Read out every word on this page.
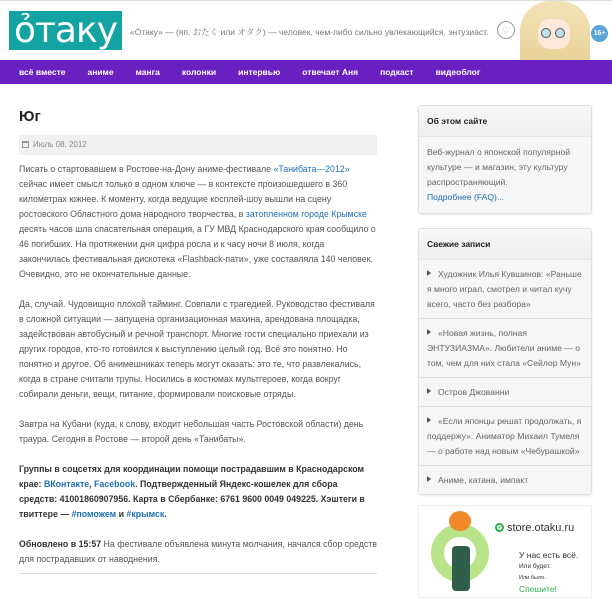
ỏтаку	«Óтаку» — (яп. おたく или オタク) — человек, чем-либо сильно увлекающийся, энтузиаст.	♡	16+
всё вместе	аниме	манга	колонки	интервью	отвечает Аня	подкаст	видеоблог
Юг
Июль 08, 2012

Писать о стартовавшем в Ростове-на-Дону аниме-фестивале «Танибата—2012» сейчас имеет смысл только в одном ключе — в контексте произошедшего в 360 километрах южнее. К моменту, когда ведущие косплей-шоу вышли на сцену ростовского Областного дома народного творчества, в затопленном городе Крымске десять часов шла спасательная операция, а ГУ МВД Краснодарского края сообщило о 46 погибших. На протяжении дня цифра росла и к часу ночи 8 июля, когда закончилась фестивальная дискотека «Flashback-пати», уже составляла 140 человек. Очевидно, это не окончательные данные.

Да, случай. Чудовищно плохой тайминг. Совпали с трагедией. Руководство фестиваля в сложной ситуации — запущена организационная махина, арендована площадка, задействован автобусный и речной транспорт. Многие гости специально приехали из других городов, кто-то готовился к выступлению целый год. Всё это понятно. Но понятно и другое. Об анимешниках теперь могут сказать: это те, что развлекались, когда в стране считали трупы. Носились в костюмах мультгероев, когда вокруг собирали деньги, вещи, питание, формировали поисковые отряды.

Завтра на Кубани (куда, к слову, входит небольшая часть Ростовской области) день траура. Сегодня в Ростове — второй день «Танибаты».

Группы в соцсетях для координации помощи пострадавшим в Краснодарском крае: ВКонтакте, Facebook. Подтвержденный Яндекс-кошелек для сбора средств: 41001860907956. Карта в Сбербанке: 6761 9600 0049 049225. Хэштеги в твиттере — #поможем и #крымск.

Обновлено в 15:57 На фестивале объявлена минута молчания, начался сбор средств для пострадавших от наводнения.

Об этом сайте
Веб-журнал о японской популярной культуре — и магазин, эту культуру распространяющий.
Подробнее (FAQ)...
Свежие записи
Художник Илья Кувшинов: «Раньше я много играл, смотрел и читал кучу всего, часто без разбора»
«Новая жизнь, полная ЭНТУЗИАЗМА». Любители аниме — о том, чем для них стала «Сейлор Мун»
Остров Джованни
«Если японцы решат продолжать, я поддержу». Аниматор Михаил Тумеля — о работе над новым «Чебурашкой»
Аниме, катана, импакт
store.otaku.ru
У нас есть всё.
Или будет.
Или было.
Спешите!
